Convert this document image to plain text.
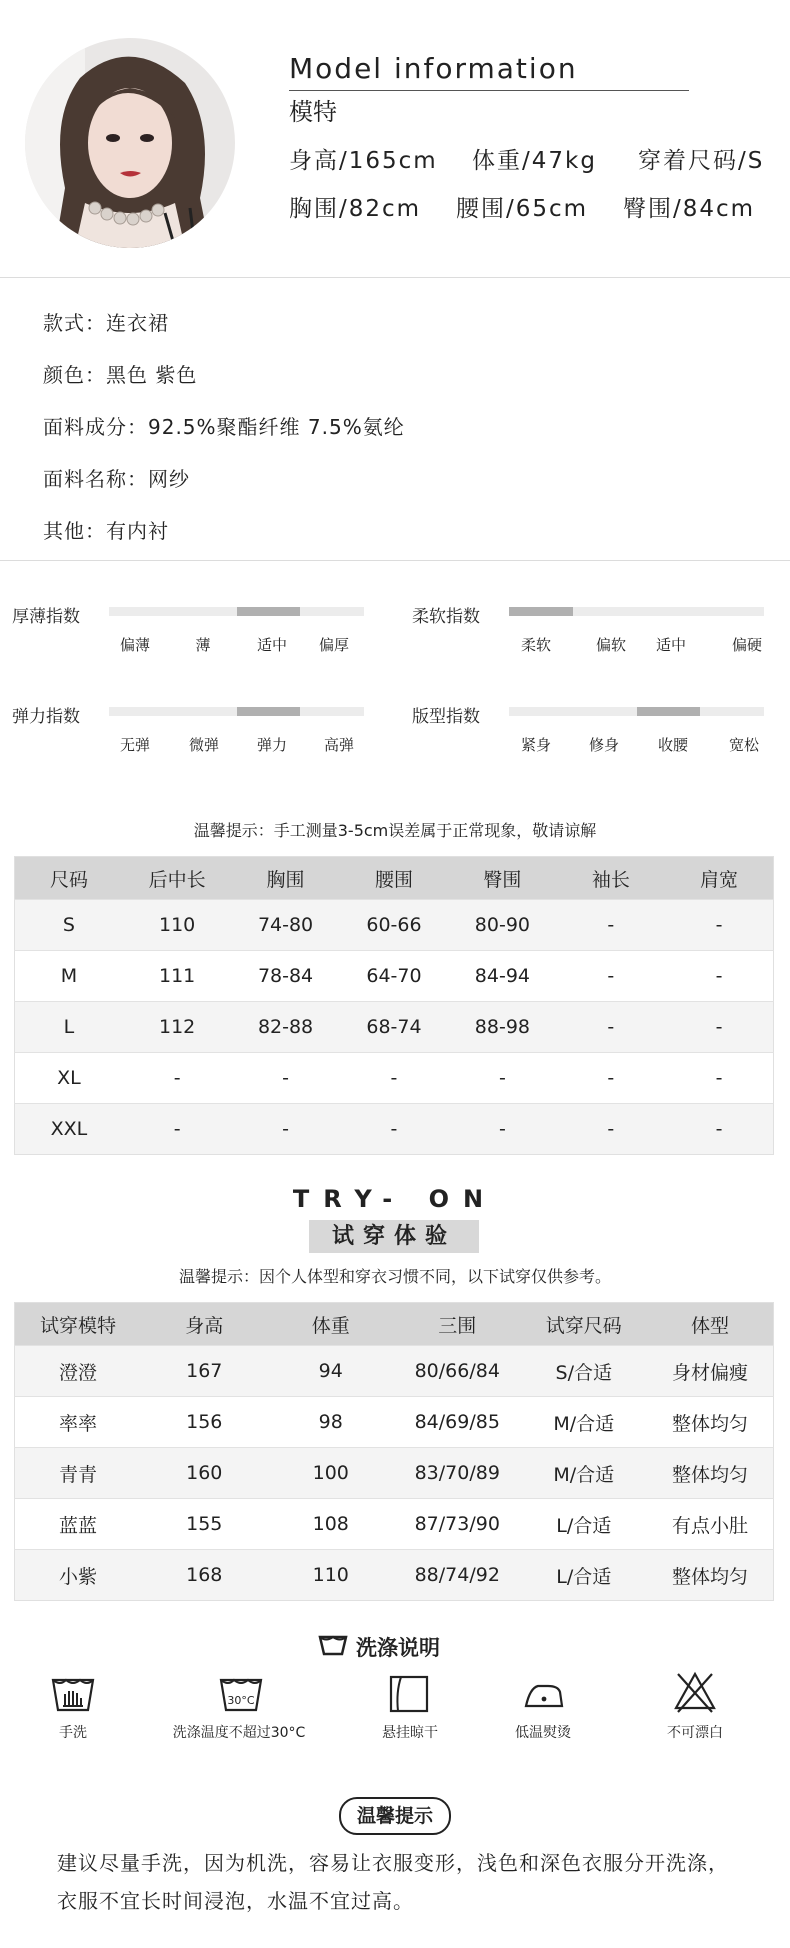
Model information
模特
身高/165cm 体重/47kg 穿着尺码/S
胸围/82cm 腰围/65cm 臀围/84cm
款式：连衣裙
颜色：黑色 紫色
面料成分：92.5%聚酯纤维 7.5%氨纶
面料名称：网纱
其他：有内衬
厚薄指数
偏薄	薄	适中	偏厚
柔软指数
柔软	偏软	适中	偏硬
弹力指数
无弹	微弹	弹力	高弹
版型指数
紧身	修身	收腰	宽松
温馨提示：手工测量3-5cm误差属于正常现象，敬请谅解
尺码	后中长	胸围	腰围	臀围	袖长	肩宽
S	110	74-80	60-66	80-90	-	-
M	111	78-84	64-70	84-94	-	-
L	112	82-88	68-74	88-98	-	-
XL	-	-	-	-	-	-
XXL	-	-	-	-	-	-
TRY- ON
试穿体验
温馨提示：因个人体型和穿衣习惯不同，以下试穿仅供参考。
试穿模特	身高	体重	三围	试穿尺码	体型
澄澄	167	94	80/66/84	S/合适	身材偏瘦
率率	156	98	84/69/85	M/合适	整体均匀
青青	160	100	83/70/89	M/合适	整体均匀
蓝蓝	155	108	87/73/90	L/合适	有点小肚
小紫	168	110	88/74/92	L/合适	整体均匀
洗涤说明
30°C
手洗	洗涤温度不超过30°C	悬挂晾干	低温熨烫	不可漂白
温馨提示
建议尽量手洗，因为机洗，容易让衣服变形，浅色和深色衣服分开洗涤，衣服不宜长时间浸泡，水温不宜过高。
